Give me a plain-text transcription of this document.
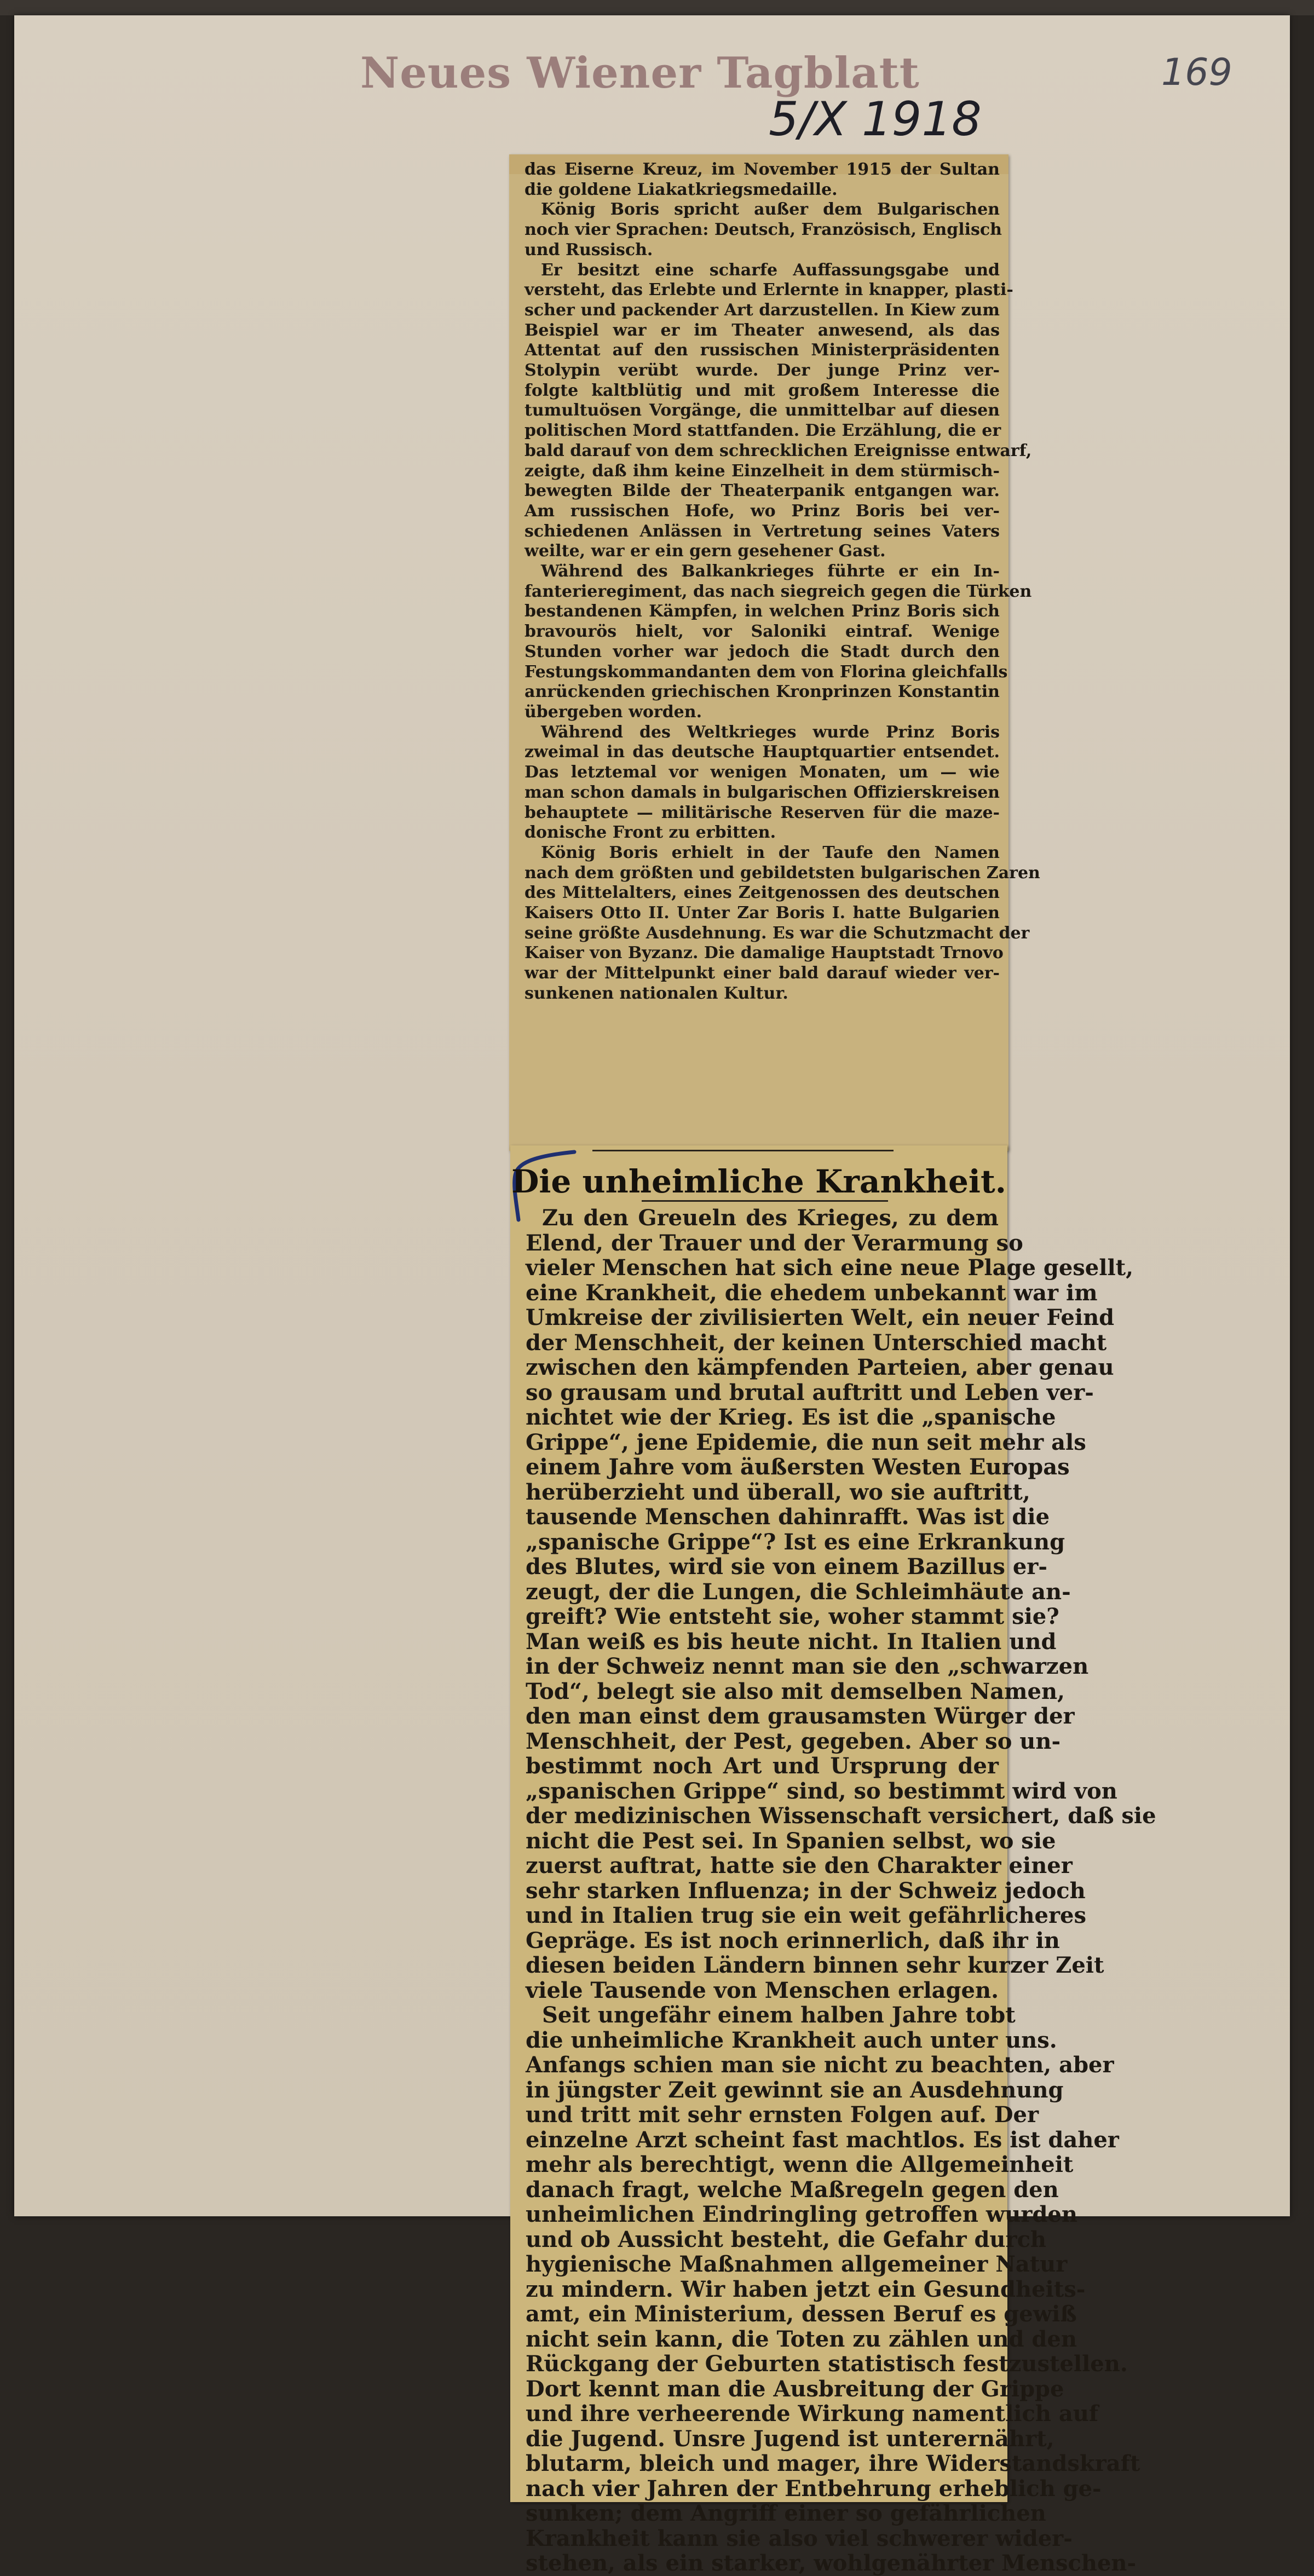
Neues Wiener Tagblatt
5/X 1918
169
das Eiserne Kreuz, im November 1915 der Sultan
die goldene Liakatkriegsmedaille.
König Boris spricht außer dem Bulgarischen
noch vier Sprachen: Deutsch, Französisch, Englisch
und Russisch.
Er besitzt eine scharfe Auffassungsgabe und
versteht, das Erlebte und Erlernte in knapper, plasti-
scher und packender Art darzustellen. In Kiew zum
Beispiel war er im Theater anwesend, als das
Attentat auf den russischen Ministerpräsidenten
Stolypin verübt wurde. Der junge Prinz ver-
folgte kaltblütig und mit großem Interesse die
tumultuösen Vorgänge, die unmittelbar auf diesen
politischen Mord stattfanden. Die Erzählung, die er
bald darauf von dem schrecklichen Ereignisse entwarf,
zeigte, daß ihm keine Einzelheit in dem stürmisch-
bewegten Bilde der Theaterpanik entgangen war.
Am russischen Hofe, wo Prinz Boris bei ver-
schiedenen Anlässen in Vertretung seines Vaters
weilte, war er ein gern gesehener Gast.
Während des Balkankrieges führte er ein In-
fanterieregiment, das nach siegreich gegen die Türken
bestandenen Kämpfen, in welchen Prinz Boris sich
bravourös hielt, vor Saloniki eintraf. Wenige
Stunden vorher war jedoch die Stadt durch den
Festungskommandanten dem von Florina gleichfalls
anrückenden griechischen Kronprinzen Konstantin
übergeben worden.
Während des Weltkrieges wurde Prinz Boris
zweimal in das deutsche Hauptquartier entsendet.
Das letztemal vor wenigen Monaten, um — wie
man schon damals in bulgarischen Offizierskreisen
behauptete — militärische Reserven für die maze-
donische Front zu erbitten.
König Boris erhielt in der Taufe den Namen
nach dem größten und gebildetsten bulgarischen Zaren
des Mittelalters, eines Zeitgenossen des deutschen
Kaisers Otto II. Unter Zar Boris I. hatte Bulgarien
seine größte Ausdehnung. Es war die Schutzmacht der
Kaiser von Byzanz. Die damalige Hauptstadt Trnovo
war der Mittelpunkt einer bald darauf wieder ver-
sunkenen nationalen Kultur.
Die unheimliche Krankheit.
Zu den Greueln des Krieges, zu dem
Elend, der Trauer und der Verarmung so
vieler Menschen hat sich eine neue Plage gesellt,
eine Krankheit, die ehedem unbekannt war im
Umkreise der zivilisierten Welt, ein neuer Feind
der Menschheit, der keinen Unterschied macht
zwischen den kämpfenden Parteien, aber genau
so grausam und brutal auftritt und Leben ver-
nichtet wie der Krieg. Es ist die „spanische
Grippe“, jene Epidemie, die nun seit mehr als
einem Jahre vom äußersten Westen Europas
herüberzieht und überall, wo sie auftritt,
tausende Menschen dahinrafft. Was ist die
„spanische Grippe“? Ist es eine Erkrankung
des Blutes, wird sie von einem Bazillus er-
zeugt, der die Lungen, die Schleimhäute an-
greift? Wie entsteht sie, woher stammt sie?
Man weiß es bis heute nicht. In Italien und
in der Schweiz nennt man sie den „schwarzen
Tod“, belegt sie also mit demselben Namen,
den man einst dem grausamsten Würger der
Menschheit, der Pest, gegeben. Aber so un-
bestimmt noch Art und Ursprung der
„spanischen Grippe“ sind, so bestimmt wird von
der medizinischen Wissenschaft versichert, daß sie
nicht die Pest sei. In Spanien selbst, wo sie
zuerst auftrat, hatte sie den Charakter einer
sehr starken Influenza; in der Schweiz jedoch
und in Italien trug sie ein weit gefährlicheres
Gepräge. Es ist noch erinnerlich, daß ihr in
diesen beiden Ländern binnen sehr kurzer Zeit
viele Tausende von Menschen erlagen.
Seit ungefähr einem halben Jahre tobt
die unheimliche Krankheit auch unter uns.
Anfangs schien man sie nicht zu beachten, aber
in jüngster Zeit gewinnt sie an Ausdehnung
und tritt mit sehr ernsten Folgen auf. Der
einzelne Arzt scheint fast machtlos. Es ist daher
mehr als berechtigt, wenn die Allgemeinheit
danach fragt, welche Maßregeln gegen den
unheimlichen Eindringling getroffen wurden
und ob Aussicht besteht, die Gefahr durch
hygienische Maßnahmen allgemeiner Natur
zu mindern. Wir haben jetzt ein Gesundheits-
amt, ein Ministerium, dessen Beruf es gewiß
nicht sein kann, die Toten zu zählen und den
Rückgang der Geburten statistisch festzustellen.
Dort kennt man die Ausbreitung der Grippe
und ihre verheerende Wirkung namentlich auf
die Jugend. Unsre Jugend ist unterernährt,
blutarm, bleich und mager, ihre Widerstandskraft
nach vier Jahren der Entbehrung erheblich ge-
sunken; dem Angriff einer so gefährlichen
Krankheit kann sie also viel schwerer wider-
stehen, als ein starker, wohlgenährter Menschen-
